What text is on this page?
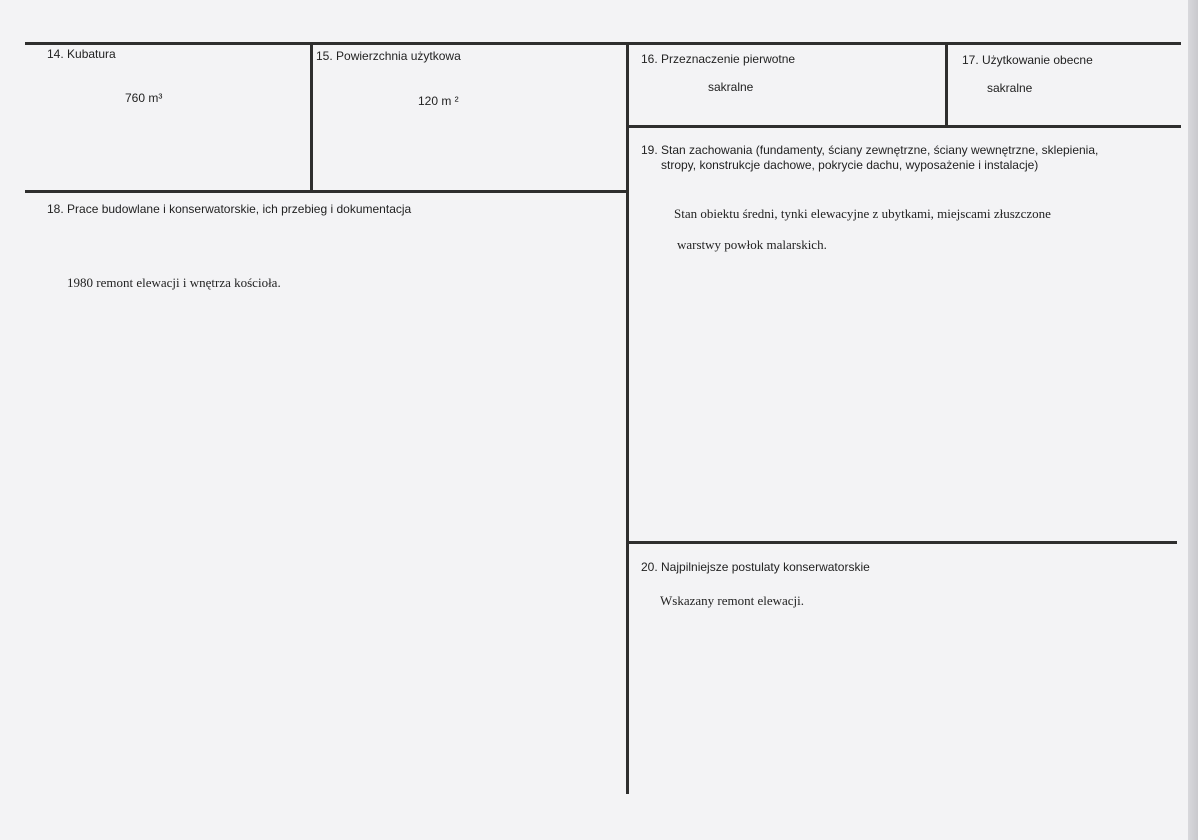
14. Kubatura
760 m³
15. Powierzchnia użytkowa
120 m ²
16. Przeznaczenie pierwotne
sakralne
17. Użytkowanie obecne
sakralne
18. Prace budowlane i konserwatorskie, ich przebieg i dokumentacja
1980 remont elewacji i wnętrza kościoła.
19. Stan zachowania (fundamenty, ściany zewnętrzne, ściany wewnętrzne, sklepienia,
stropy, konstrukcje dachowe, pokrycie dachu, wyposażenie i instalacje)
Stan obiektu średni, tynki elewacyjne z ubytkami, miejscami złuszczone
warstwy powłok malarskich.
20. Najpilniejsze postulaty konserwatorskie
Wskazany remont elewacji.
